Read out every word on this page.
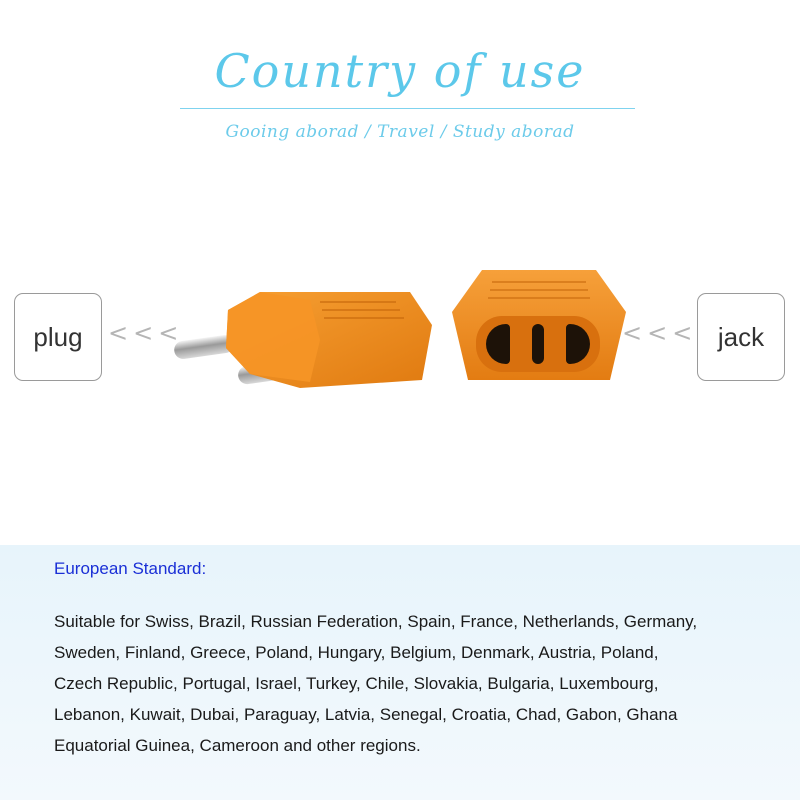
Country of use
Gooing aborad / Travel / Study aborad
plug <<<	<<< jack
European Standard:
Suitable for Swiss, Brazil, Russian Federation, Spain, France, Netherlands, Germany,
Sweden, Finland, Greece, Poland, Hungary, Belgium, Denmark, Austria, Poland,
Czech Republic, Portugal, Israel, Turkey, Chile, Slovakia, Bulgaria, Luxembourg,
Lebanon, Kuwait, Dubai, Paraguay, Latvia, Senegal, Croatia, Chad, Gabon, Ghana
Equatorial Guinea, Cameroon and other regions.
